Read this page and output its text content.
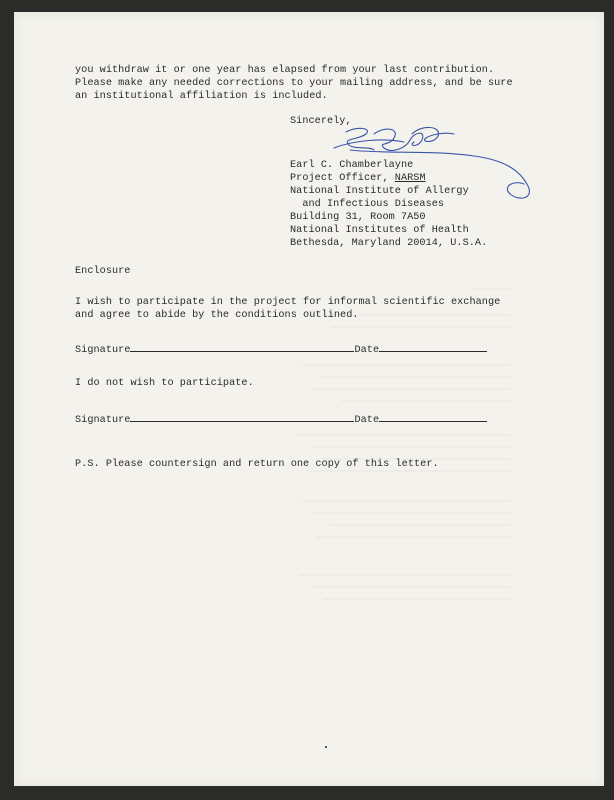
you withdraw it or one year has elapsed from your last contribution.
Please make any needed corrections to your mailing address, and be sure
an institutional affiliation is included.
Sincerely,
Earl C. Chamberlayne
Project Officer, NARSM
National Institute of Allergy
and Infectious Diseases
Building 31, Room 7A50
National Institutes of Health
Bethesda, Maryland 20014, U.S.A.
Enclosure
I wish to participate in the project for informal scientific exchange
and agree to abide by the conditions outlined.
Signature	Date
I do not wish to participate.
Signature	Date
P.S. Please countersign and return one copy of this letter.
